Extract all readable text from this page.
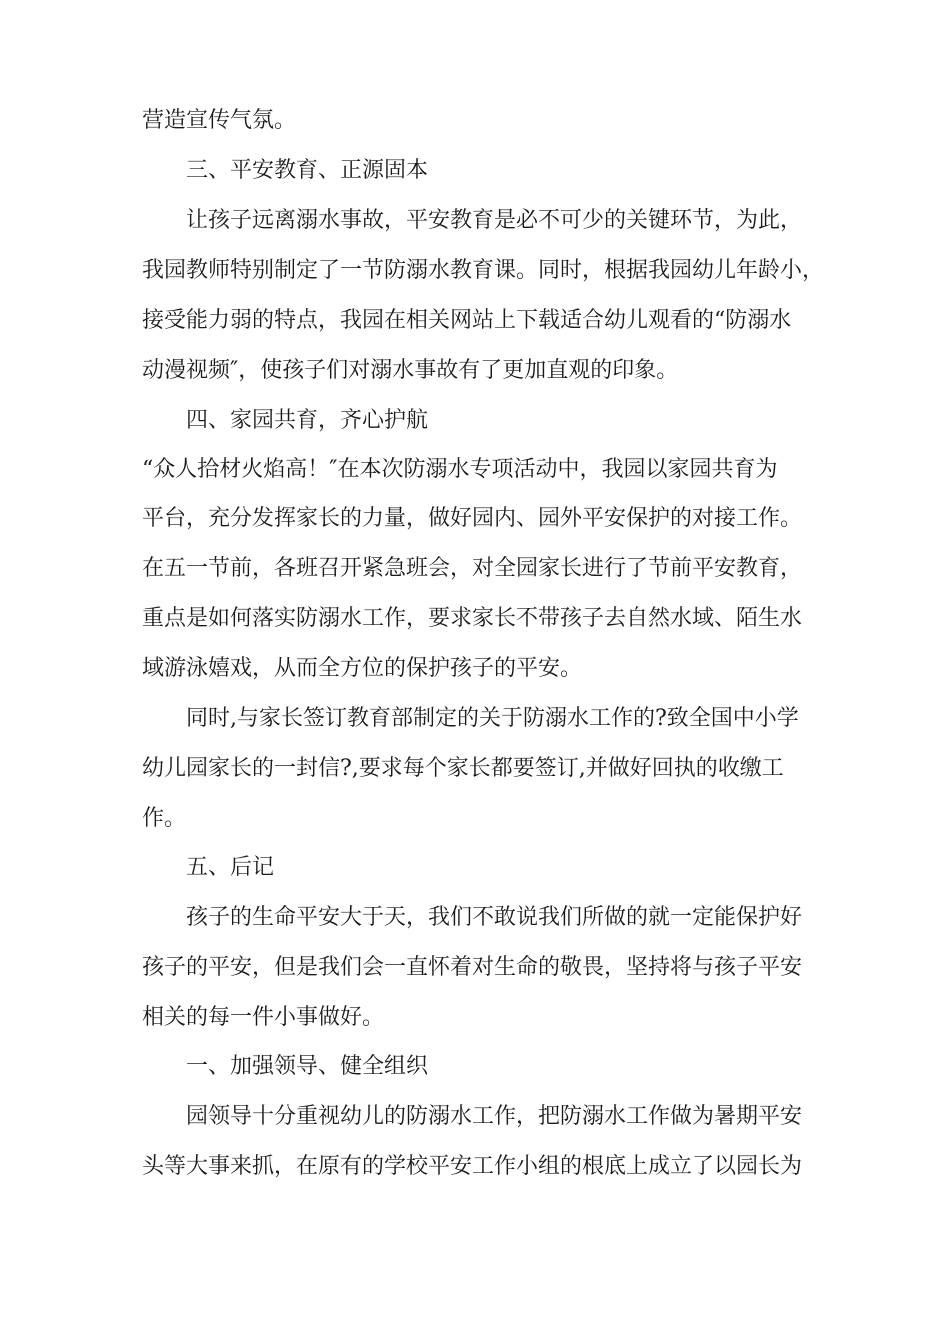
营造宣传气氛。

三、平安教育、正源固本

让孩子远离溺水事故，平安教育是必不可少的关键环节，为此，

我园教师特别制定了一节防溺水教育课。同时，根据我园幼儿年龄小，

接受能力弱的特点，我园在相关网站上下载适合幼儿观看的“防溺水

动漫视频″，使孩子们对溺水事故有了更加直观的印象。

四、家园共育，齐心护航

“众人拾材火焰高！″在本次防溺水专项活动中，我园以家园共育为

平台，充分发挥家长的力量，做好园内、园外平安保护的对接工作。

在五一节前，各班召开紧急班会，对全园家长进行了节前平安教育，

重点是如何落实防溺水工作，要求家长不带孩子去自然水域、陌生水

域游泳嬉戏，从而全方位的保护孩子的平安。

同时,与家长签订教育部制定的关于防溺水工作的?致全国中小学

幼儿园家长的一封信?,要求每个家长都要签订,并做好回执的收缴工

作。

五、后记

孩子的生命平安大于天，我们不敢说我们所做的就一定能保护好

孩子的平安，但是我们会一直怀着对生命的敬畏，坚持将与孩子平安

相关的每一件小事做好。

一、加强领导、健全组织

园领导十分重视幼儿的防溺水工作，把防溺水工作做为暑期平安

头等大事来抓，在原有的学校平安工作小组的根底上成立了以园长为
